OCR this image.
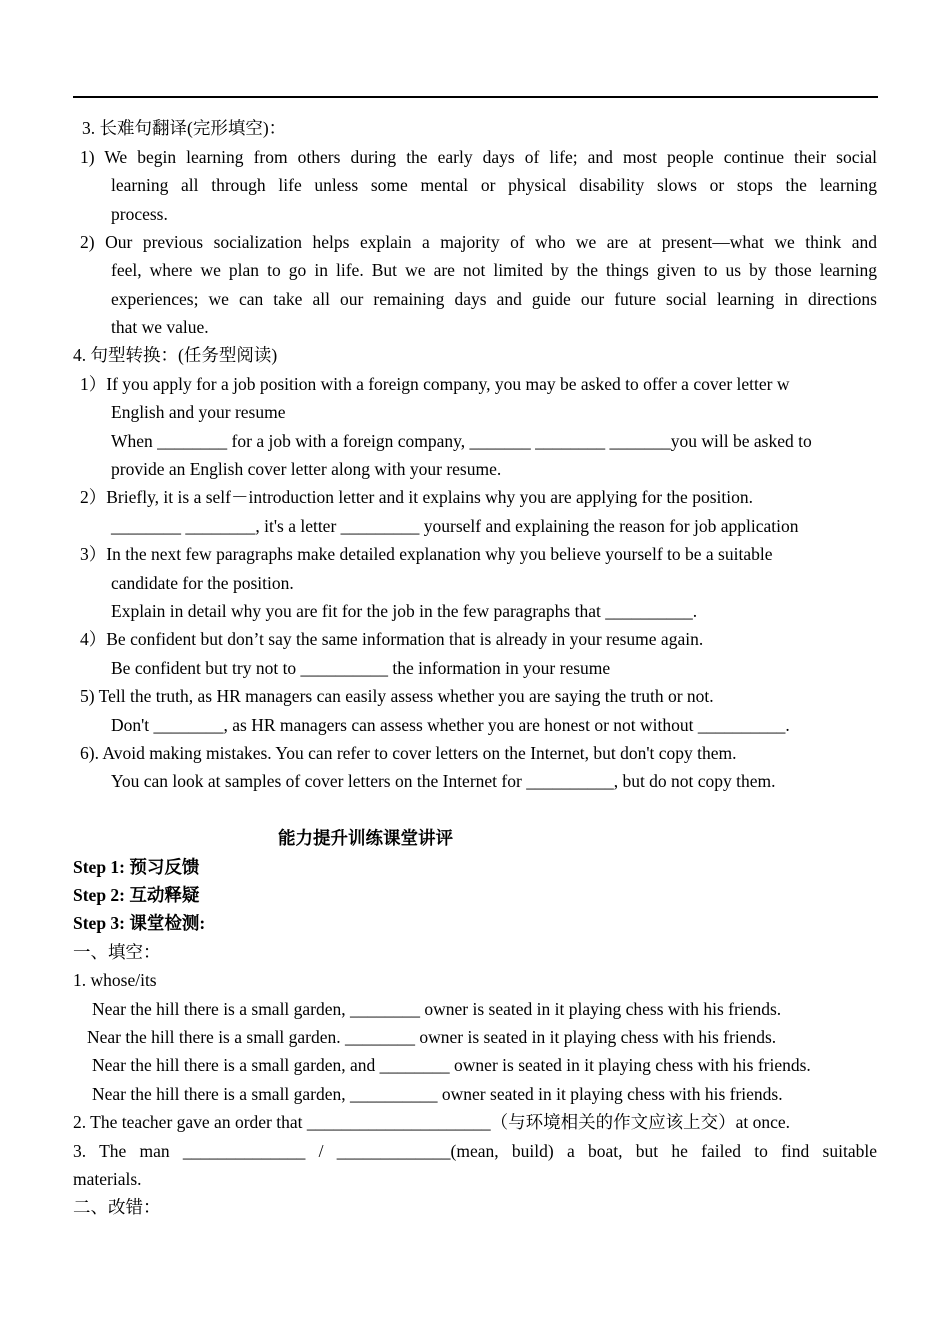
3. 长难句翻译(完形填空)：
1) We begin learning from others during the early days of life; and most people continue their social
learning all through life unless some mental or physical disability slows or stops the learning
process.
2) Our previous socialization helps explain a majority of who we are at present—what we think and
feel, where we plan to go in life. But we are not limited by the things given to us by those learning
experiences; we can take all our remaining days and guide our future social learning in directions
that we value.
4. 句型转换：(任务型阅读)
1）If you apply for a job position with a foreign company, you may be asked to offer a cover letter w
English and your resume
When ________ for a job with a foreign company, _______ ________ _______you will be asked to
provide an English cover letter along with your resume.
2）Briefly, it is a self－introduction letter and it explains why you are applying for the position.
________ ________, it's a letter _________ yourself and explaining the reason for job application
3）In the next few paragraphs make detailed explanation why you believe yourself to be a suitable
candidate for the position.
Explain in detail why you are fit for the job in the few paragraphs that __________.
4）Be confident but don’t say the same information that is already in your resume again.
Be confident but try not to __________ the information in your resume
5) Tell the truth, as HR managers can easily assess whether you are saying the truth or not.
Don't ________, as HR managers can assess whether you are honest or not without __________.
6). Avoid making mistakes. You can refer to cover letters on the Internet, but don't copy them.
You can look at samples of cover letters on the Internet for __________, but do not copy them.
能力提升训练课堂讲评
Step 1: 预习反馈
Step 2: 互动释疑
Step 3: 课堂检测:
一、填空：
1. whose/its
Near the hill there is a small garden, ________ owner is seated in it playing chess with his friends.
Near the hill there is a small garden. ________ owner is seated in it playing chess with his friends.
Near the hill there is a small garden, and ________ owner is seated in it playing chess with his friends.
Near the hill there is a small garden, __________ owner seated in it playing chess with his friends.
2. The teacher gave an order that _____________________（与环境相关的作文应该上交）at once.
3. The man ______________ / _____________(mean, build) a boat, but he failed to find suitable
materials.
二、改错：
